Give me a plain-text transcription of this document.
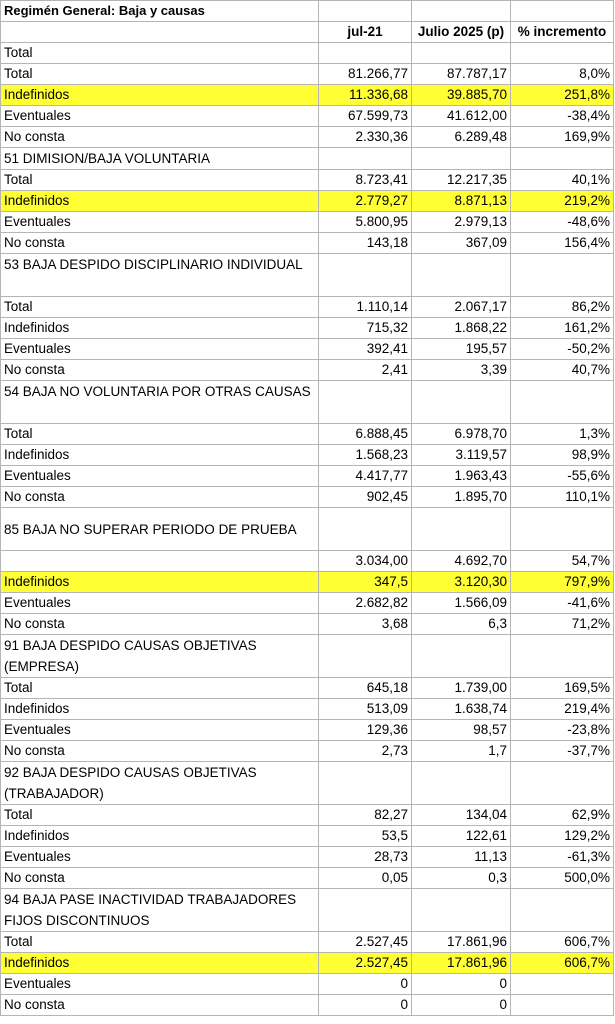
Regimén General: Baja y causas			
	jul-21	Julio 2025 (p)	% incremento
Total			
Total	81.266,77	87.787,17	8,0%
Indefinidos	11.336,68	39.885,70	251,8%
Eventuales	67.599,73	41.612,00	-38,4%
No consta	2.330,36	6.289,48	169,9%
51 DIMISION/BAJA VOLUNTARIA			
Total	8.723,41	12.217,35	40,1%
Indefinidos	2.779,27	8.871,13	219,2%
Eventuales	5.800,95	2.979,13	-48,6%
No consta	143,18	367,09	156,4%
53 BAJA DESPIDO DISCIPLINARIO INDIVIDUAL			
Total	1.110,14	2.067,17	86,2%
Indefinidos	715,32	1.868,22	161,2%
Eventuales	392,41	195,57	-50,2%
No consta	2,41	3,39	40,7%
54 BAJA NO VOLUNTARIA POR OTRAS CAUSAS			
Total	6.888,45	6.978,70	1,3%
Indefinidos	1.568,23	3.119,57	98,9%
Eventuales	4.417,77	1.963,43	-55,6%
No consta	902,45	1.895,70	110,1%
85 BAJA NO SUPERAR PERIODO DE PRUEBA			
	3.034,00	4.692,70	54,7%
Indefinidos	347,5	3.120,30	797,9%
Eventuales	2.682,82	1.566,09	-41,6%
No consta	3,68	6,3	71,2%
91 BAJA DESPIDO CAUSAS OBJETIVAS (EMPRESA)			
Total	645,18	1.739,00	169,5%
Indefinidos	513,09	1.638,74	219,4%
Eventuales	129,36	98,57	-23,8%
No consta	2,73	1,7	-37,7%
92 BAJA DESPIDO CAUSAS OBJETIVAS (TRABAJADOR)			
Total	82,27	134,04	62,9%
Indefinidos	53,5	122,61	129,2%
Eventuales	28,73	11,13	-61,3%
No consta	0,05	0,3	500,0%
94 BAJA PASE INACTIVIDAD TRABAJADORES FIJOS DISCONTINUOS			
Total	2.527,45	17.861,96	606,7%
Indefinidos	2.527,45	17.861,96	606,7%
Eventuales	0	0	
No consta	0	0	
